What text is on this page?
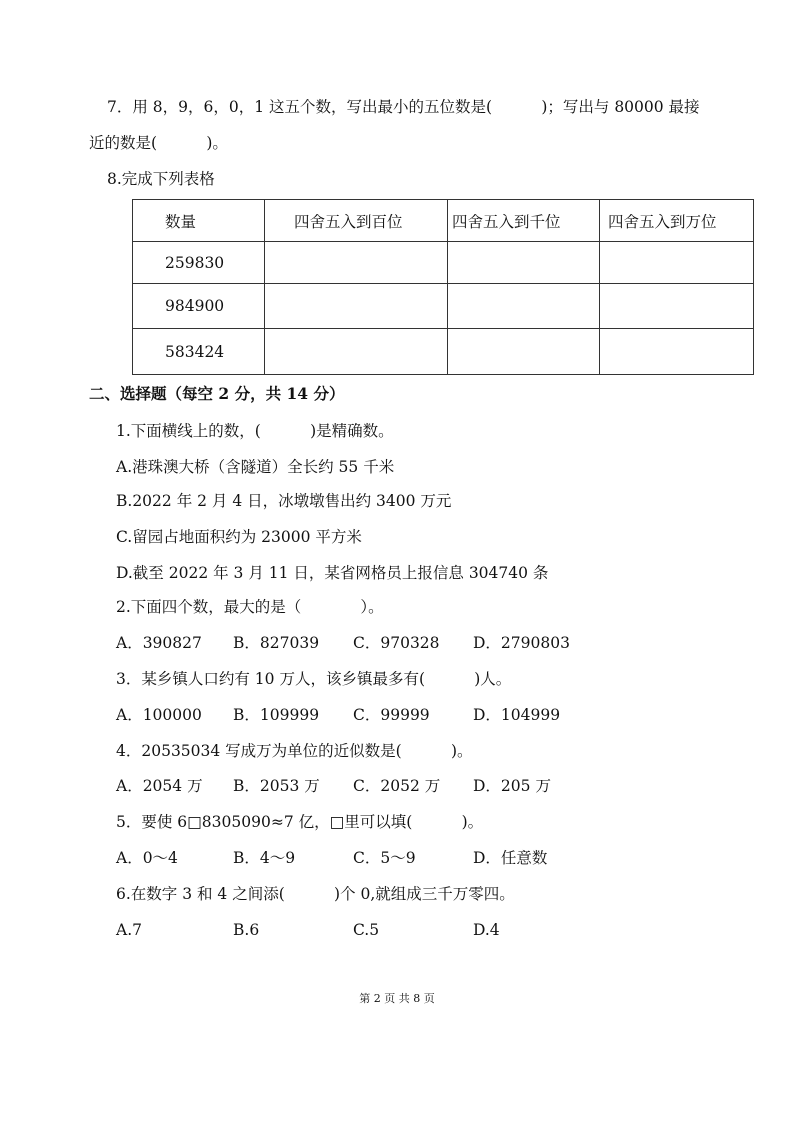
7．用 8，9，6，0，1 这五个数，写出最小的五位数是(          )；写出与 80000 最接
近的数是(          )。
8.完成下列表格
数量	四舍五入到百位	四舍五入到千位	四舍五入到万位
259830			
984900			
583424			
二、选择题（每空 2 分，共 14 分）
1.下面横线上的数，(          )是精确数。
A.港珠澳大桥（含隧道）全长约 55 千米
B.2022 年 2 月 4 日，冰墩墩售出约 3400 万元
C.留园占地面积约为 23000 平方米
D.截至 2022 年 3 月 11 日，某省网格员上报信息 304740 条
2.下面四个数，最大的是（            ）。
A．390827 B．827039 C．970328 D．2790803
3．某乡镇人口约有 10 万人，该乡镇最多有(          )人。
A．100000 B．109999 C．99999	D．104999
4．20535034 写成万为单位的近似数是(          )。
A．2054 万 B．2053 万 C．2052 万 D．205 万
5．要使 6□8305090≈7 亿，□里可以填(          )。
A．0～4	B．4～9	C．5～9	D．任意数
6.在数字 3 和 4 之间添(          )个 0,就组成三千万零四。
A.7	B.6	C.5	D.4
第 2 页 共 8 页
